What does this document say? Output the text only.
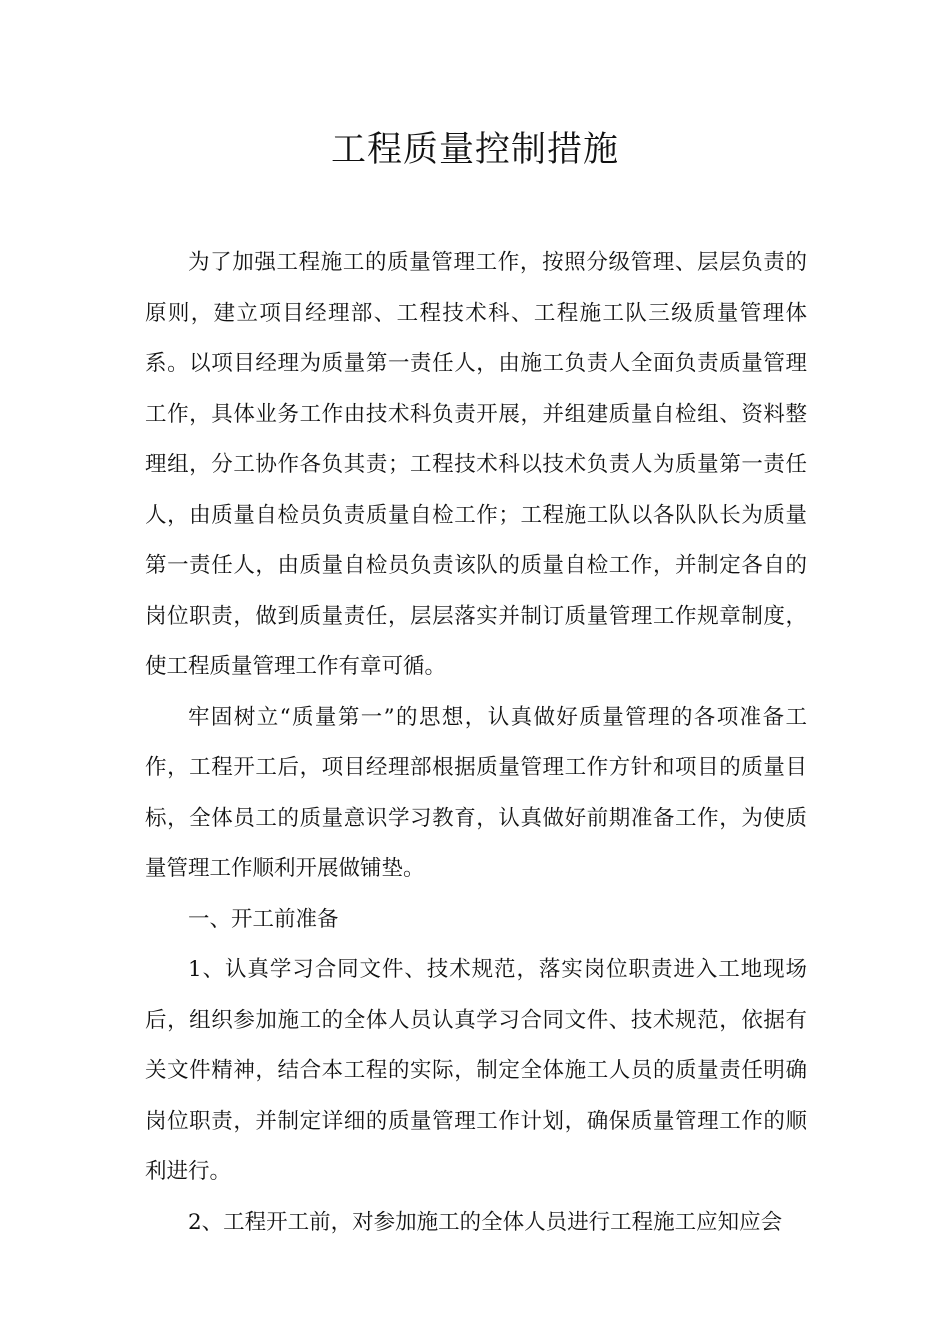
工程质量控制措施

为了加强工程施工的质量管理工作，按照分级管理、层层负责的原则，建立项目经理部、工程技术科、工程施工队三级质量管理体系。以项目经理为质量第一责任人，由施工负责人全面负责质量管理工作，具体业务工作由技术科负责开展，并组建质量自检组、资料整理组，分工协作各负其责；工程技术科以技术负责人为质量第一责任人，由质量自检员负责质量自检工作；工程施工队以各队队长为质量第一责任人，由质量自检员负责该队的质量自检工作，并制定各自的岗位职责，做到质量责任，层层落实并制订质量管理工作规章制度，使工程质量管理工作有章可循。

牢固树立“质量第一”的思想，认真做好质量管理的各项准备工作，工程开工后，项目经理部根据质量管理工作方针和项目的质量目标，全体员工的质量意识学习教育，认真做好前期准备工作，为使质量管理工作顺利开展做铺垫。

一、开工前准备

1、认真学习合同文件、技术规范，落实岗位职责进入工地现场后，组织参加施工的全体人员认真学习合同文件、技术规范，依据有关文件精神，结合本工程的实际，制定全体施工人员的质量责任明确岗位职责，并制定详细的质量管理工作计划，确保质量管理工作的顺利进行。

2、工程开工前，对参加施工的全体人员进行工程施工应知应会
